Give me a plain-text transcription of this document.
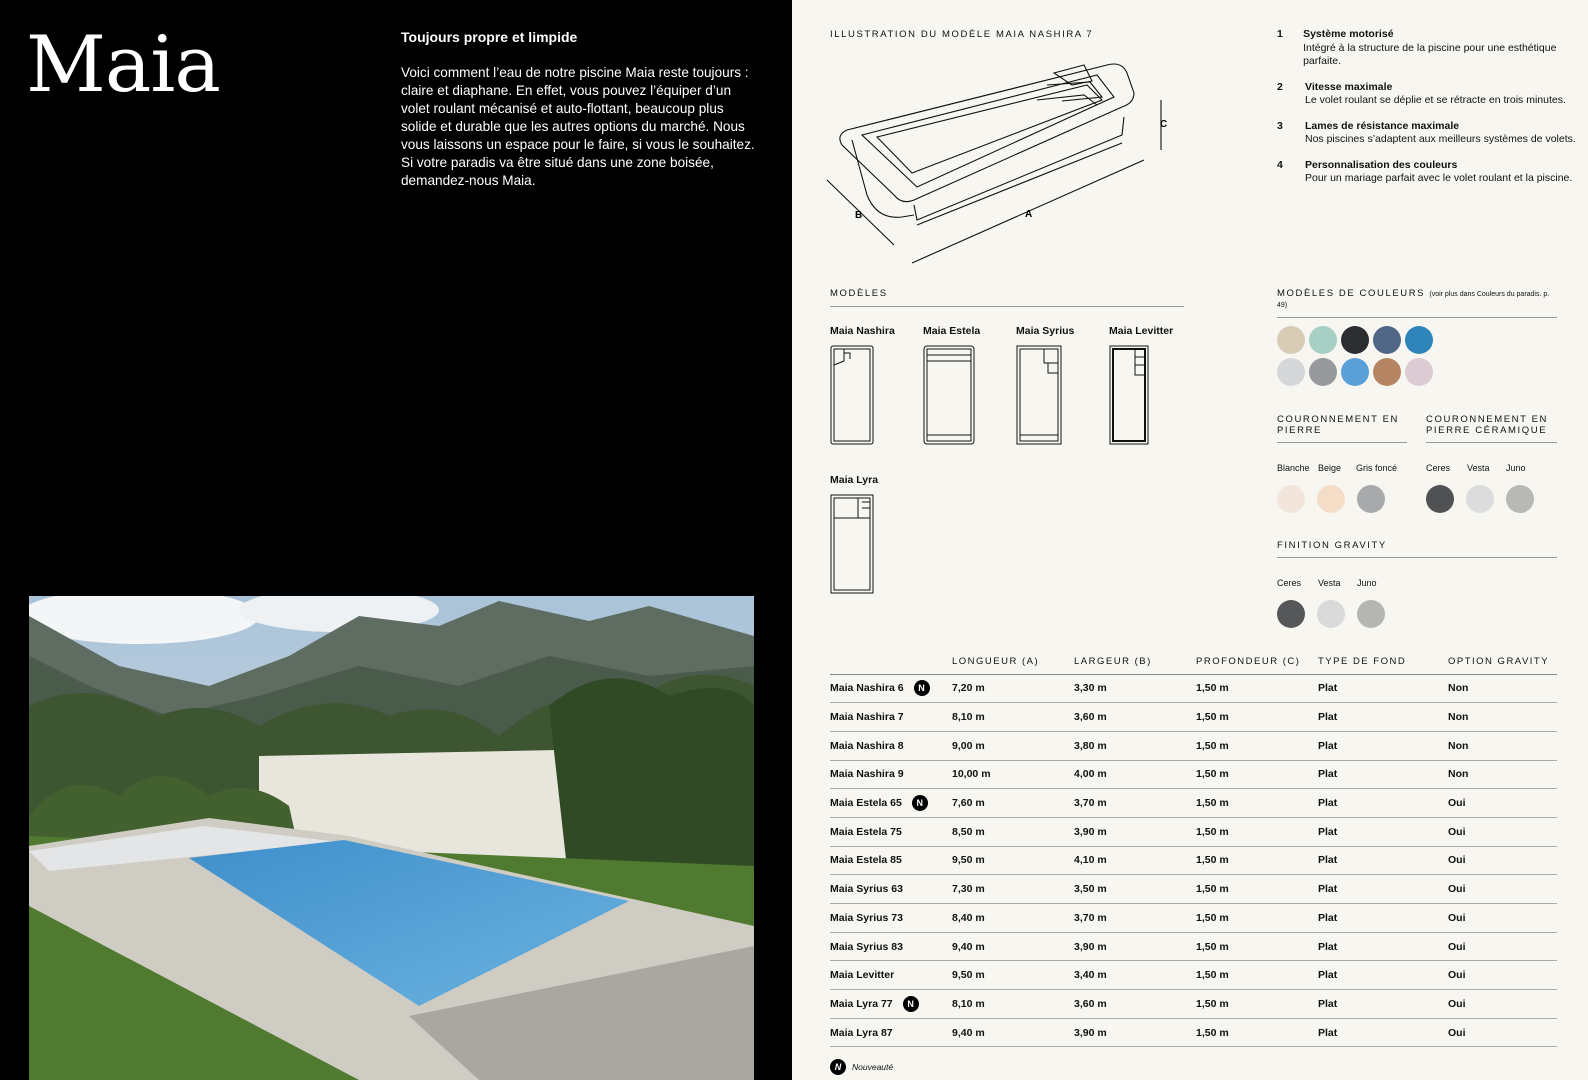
Maia	Toujours propre et limpide

Voici comment l’eau de notre piscine Maia reste toujours : claire et diaphane. En effet, vous pouvez l’équiper d’un volet roulant mécanisé et auto-flottant, beaucoup plus solide et durable que les autres options du marché. Nous vous laissons un espace pour le faire, si vous le souhaitez. Si votre paradis va être situé dans une zone boisée, demandez-nous Maia.

ILLUSTRATION DU MODÈLE MAIA NASHIRA 7
B	A
C
1	Système motorisé
Intégré à la structure de la piscine pour une esthétique parfaite.
2	Vitesse maximale
Le volet roulant se déplie et se rétracte en trois minutes.
3	Lames de résistance maximale
Nos piscines s’adaptent aux meilleurs systèmes de volets.
4	Personnalisation des couleurs
Pour un mariage parfait avec le volet roulant et la piscine.
MODÈLES
Maia Nashira	Maia Estela	Maia Syrius	Maia Levitter
Maia Lyra
MODÈLES DE COULEURS (voir plus dans Couleurs du paradis. p. 49)
COURONNEMENT EN PIERRE
COURONNEMENT EN PIERRE CÉRAMIQUE
Blanche Beige Gris foncé	Ceres Vesta Juno
FINITION GRAVITY
Ceres Vesta Juno
	LONGUEUR (A)	LARGEUR (B)	PROFONDEUR (C)	TYPE DE FOND	OPTION GRAVITY
Maia Nashira 6 N	7,20 m	3,30 m	1,50 m	Plat	Non
Maia Nashira 7	8,10 m	3,60 m	1,50 m	Plat	Non
Maia Nashira 8	9,00 m	3,80 m	1,50 m	Plat	Non
Maia Nashira 9	10,00 m	4,00 m	1,50 m	Plat	Non
Maia Estela 65 N	7,60 m	3,70 m	1,50 m	Plat	Oui
Maia Estela 75	8,50 m	3,90 m	1,50 m	Plat	Oui
Maia Estela 85	9,50 m	4,10 m	1,50 m	Plat	Oui
Maia Syrius 63	7,30 m	3,50 m	1,50 m	Plat	Oui
Maia Syrius 73	8,40 m	3,70 m	1,50 m	Plat	Oui
Maia Syrius 83	9,40 m	3,90 m	1,50 m	Plat	Oui
Maia Levitter	9,50 m	3,40 m	1,50 m	Plat	Oui
Maia Lyra 77 N	8,10 m	3,60 m	1,50 m	Plat	Oui
Maia Lyra 87	9,40 m	3,90 m	1,50 m	Plat	Oui
N	Nouveauté
